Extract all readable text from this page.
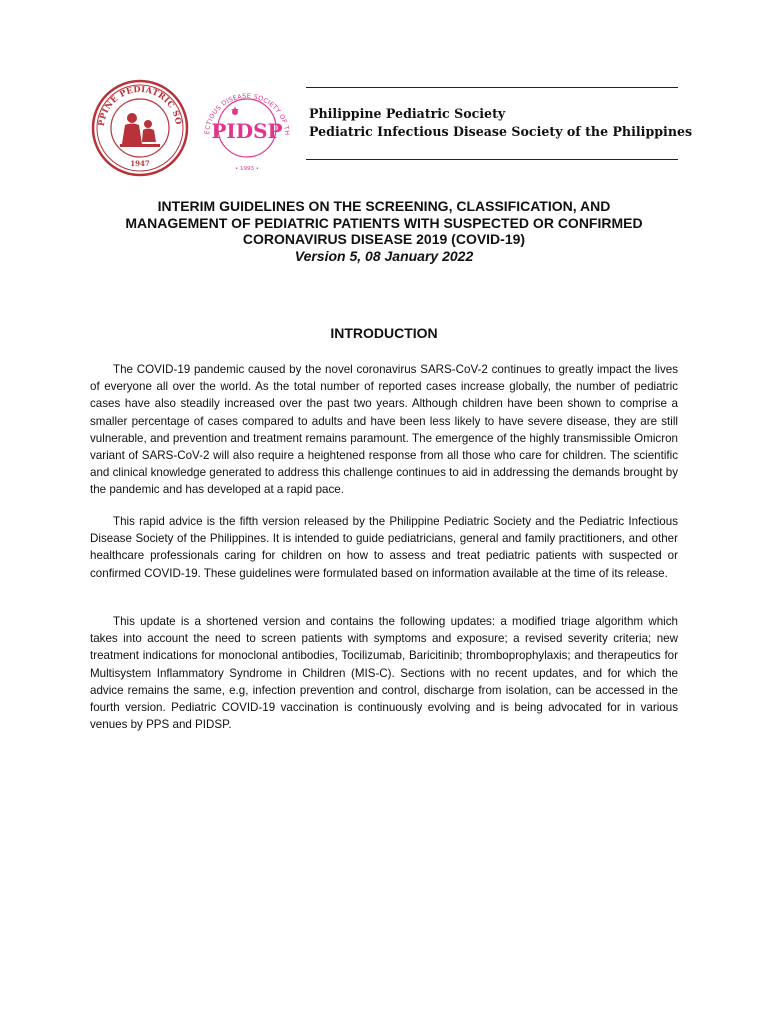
PPINE PEDIATRIC SO
1947
ECTIOUS DISEASE SOCIETY OF TH
PIDSP
• 1993 •
Philippine Pediatric Society
Pediatric Infectious Disease Society of the Philippines
INTERIM GUIDELINES ON THE SCREENING, CLASSIFICATION, AND
MANAGEMENT OF PEDIATRIC PATIENTS WITH SUSPECTED OR CONFIRMED
CORONAVIRUS DISEASE 2019 (COVID-19)
Version 5, 08 January 2022
INTRODUCTION

The COVID-19 pandemic caused by the novel coronavirus SARS-CoV-2 continues to greatly impact the lives of everyone all over the world. As the total number of reported cases increase globally, the number of pediatric cases have also steadily increased over the past two years. Although children have been shown to comprise a smaller percentage of cases compared to adults and have been less likely to have severe disease, they are still vulnerable, and prevention and treatment remains paramount. The emergence of the highly transmissible Omicron variant of SARS-CoV-2 will also require a heightened response from all those who care for children. The scientific and clinical knowledge generated to address this challenge continues to aid in addressing the demands brought by the pandemic and has developed at a rapid pace.

This rapid advice is the fifth version released by the Philippine Pediatric Society and the Pediatric Infectious Disease Society of the Philippines. It is intended to guide pediatricians, general and family practitioners, and other healthcare professionals caring for children on how to assess and treat pediatric patients with suspected or confirmed COVID-19. These guidelines were formulated based on information available at the time of its release.

This update is a shortened version and contains the following updates: a modified triage algorithm which takes into account the need to screen patients with symptoms and exposure; a revised severity criteria; new treatment indications for monoclonal antibodies, Tocilizumab, Baricitinib; thromboprophylaxis; and therapeutics for Multisystem Inflammatory Syndrome in Children (MIS-C). Sections with no recent updates, and for which the advice remains the same, e.g, infection prevention and control, discharge from isolation, can be accessed in the fourth version. Pediatric COVID-19 vaccination is continuously evolving and is being advocated for in various venues by PPS and PIDSP.
